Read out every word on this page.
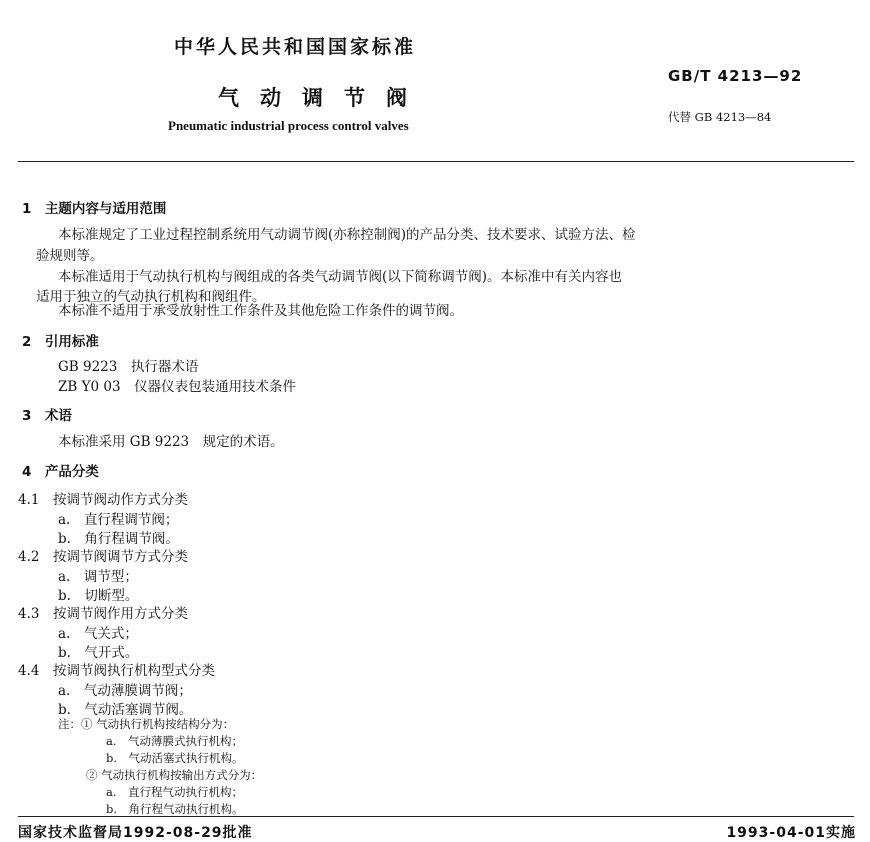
中华人民共和国国家标准
气　动　调　节　阀
Pneumatic industrial process control valves
GB/T 4213—92
代替 GB 4213—84
1　主题内容与适用范围
本标准规定了工业过程控制系统用气动调节阀(亦称控制阀)的产品分类、技术要求、试验方法、检
验规则等。
本标准适用于气动执行机构与阀组成的各类气动调节阀(以下简称调节阀)。本标准中有关内容也
适用于独立的气动执行机构和阀组件。
本标准不适用于承受放射性工作条件及其他危险工作条件的调节阀。
2　引用标准
GB 9223　执行器术语
ZB Y0 03　仪器仪表包装通用技术条件
3　术语
本标准采用 GB 9223　规定的术语。
4　产品分类
4.1　按调节阀动作方式分类
a.　直行程调节阀；
b.　角行程调节阀。
4.2　按调节阀调节方式分类
a.　调节型；
b.　切断型。
4.3　按调节阀作用方式分类
a.　气关式；
b.　气开式。
4.4　按调节阀执行机构型式分类
a.　气动薄膜调节阀；
b.　气动活塞调节阀。
注：① 气动执行机构按结构分为：
a.　气动薄膜式执行机构；
b.　气动活塞式执行机构。
② 气动执行机构按输出方式分为：
a.　直行程气动执行机构；
b.　角行程气动执行机构。
国家技术监督局1992-08-29批准	1993-04-01实施
